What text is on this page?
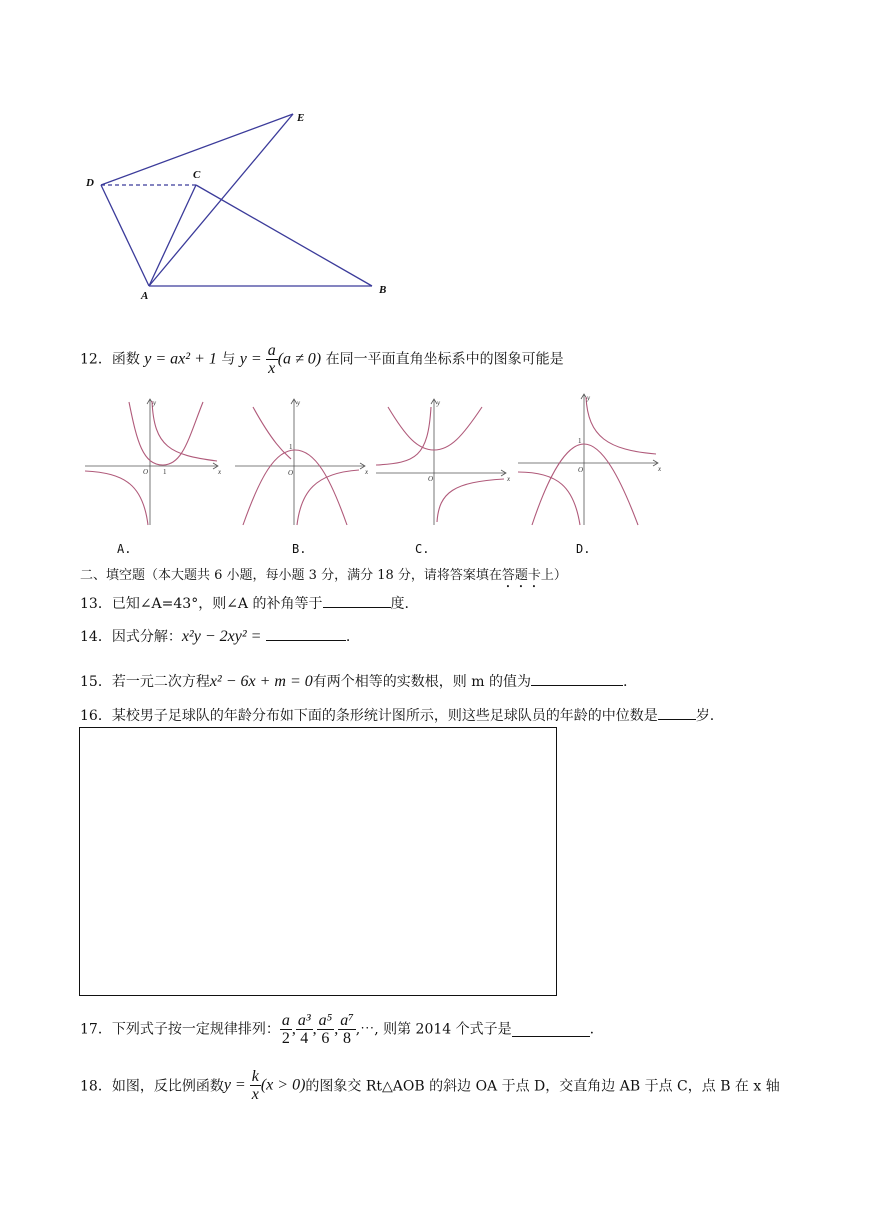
E
D
C
A	B
12．函数 y = ax² + 1 与 $y = \frac{a}{x} (a \ne 0)$ 在同一平面直角坐标系中的图象可能是
y
x
O 1
y
x
O
1
y
x
O
y
x
O
1
A.	B.	C.	D.
二、填空题（本大题共 6 小题，每小题 3 分，满分 18 分，请将答案填在答题卡上）
13．已知∠A=43°，则∠A 的补角等于	度.
14．因式分解：x²y − 2xy² =	.
15．若一元二次方程x² − 6x + m = 0有两个相等的实数根，则 m 的值为	.
16．某校男子足球队的年龄分布如下面的条形统计图所示，则这些足球队员的年龄的中位数是	岁.
17．下列式子按一定规律排列： $\frac{a}{2}$ , $\frac{\text{a³}}{4}$ , $\frac{\text{a⁵}}{6}$ , $\frac{\text{a⁷}}{8}$ ,⋯, 则第 2014 个式子是	.
18．如图，反比例函数$y = \frac{k}{x} (x > 0)$的图象交 Rt△AOB 的斜边 OA 于点 D，交直角边 AB 于点 C，点 B 在 x 轴
